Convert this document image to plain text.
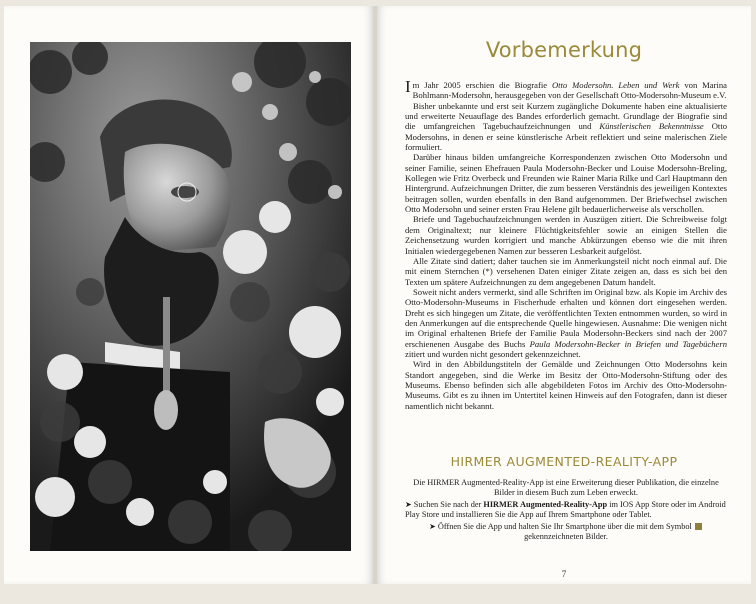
Vorbemerkung

Im Jahr 2005 erschien die Biografie Otto Modersohn. Leben und Werk von Marina Bohlmann-Modersohn, herausgegeben von der Gesellschaft Otto-Modersohn-Museum e.V.

Bisher unbekannte und erst seit Kurzem zugängliche Dokumente haben eine aktualisierte und erweiterte Neuauflage des Bandes erforderlich gemacht. Grundlage der Biografie sind die umfangreichen Tagebuchaufzeichnungen und Künstlerischen Bekenntnisse Otto Modersohns, in denen er seine künstlerische Arbeit reflektiert und seine malerischen Ziele formuliert.

Darüber hinaus bilden umfangreiche Korrespondenzen zwischen Otto Modersohn und seiner Familie, seinen Ehefrauen Paula Modersohn-Becker und Louise Modersohn-Breling, Kollegen wie Fritz Overbeck und Freunden wie Rainer Maria Rilke und Carl Hauptmann den Hintergrund. Aufzeichnungen Dritter, die zum besseren Verständnis des jeweiligen Kontextes beitragen sollen, wurden ebenfalls in den Band aufgenommen. Der Briefwechsel zwischen Otto Modersohn und seiner ersten Frau Helene gilt bedauerlicherweise als verschollen.

Briefe und Tagebuchaufzeichnungen werden in Auszügen zitiert. Die Schreibweise folgt dem Originaltext; nur kleinere Flüchtigkeitsfehler sowie an einigen Stellen die Zeichensetzung wurden korrigiert und manche Abkürzungen ebenso wie die mit ihren Initialen wiedergegebenen Namen zur besseren Lesbarkeit aufgelöst.

Alle Zitate sind datiert; daher tauchen sie im Anmerkungsteil nicht noch einmal auf. Die mit einem Sternchen (*) versehenen Daten einiger Zitate zeigen an, dass es sich bei den Texten um spätere Aufzeichnungen zu dem angegebenen Datum handelt.

Soweit nicht anders vermerkt, sind alle Schriften im Original bzw. als Kopie im Archiv des Otto-Modersohn-Museums in Fischerhude erhalten und können dort eingesehen werden. Dreht es sich hingegen um Zitate, die veröffentlichten Texten entnommen wurden, so wird in den Anmerkungen auf die entsprechende Quelle hingewiesen. Ausnahme: Die wenigen nicht im Original erhaltenen Briefe der Familie Paula Modersohn-Beckers sind nach der 2007 erschienenen Ausgabe des Buchs Paula Modersohn-Becker in Briefen und Tagebüchern zitiert und wurden nicht gesondert gekennzeichnet.

Wird in den Abbildungstiteln der Gemälde und Zeichnungen Otto Modersohns kein Standort angegeben, sind die Werke im Besitz der Otto-Modersohn-Stiftung oder des Museums. Ebenso befinden sich alle abgebildeten Fotos im Archiv des Otto-Modersohn-Museums. Gibt es zu ihnen im Untertitel keinen Hinweis auf den Fotografen, dann ist dieser namentlich nicht bekannt.

HIRMER AUGMENTED-REALITY-APP

Die HIRMER Augmented-Reality-App ist eine Erweiterung dieser Publikation, die einzelne Bilder in diesem Buch zum Leben erweckt.

➤ Suchen Sie nach der HIRMER Augmented-Reality-App im IOS App Store oder im Android Play Store und installieren Sie die App auf Ihrem Smartphone oder Tablet.

➤ Öffnen Sie die App und halten Sie Ihr Smartphone über die mit dem Symbol  gekennzeichneten Bilder.

7
